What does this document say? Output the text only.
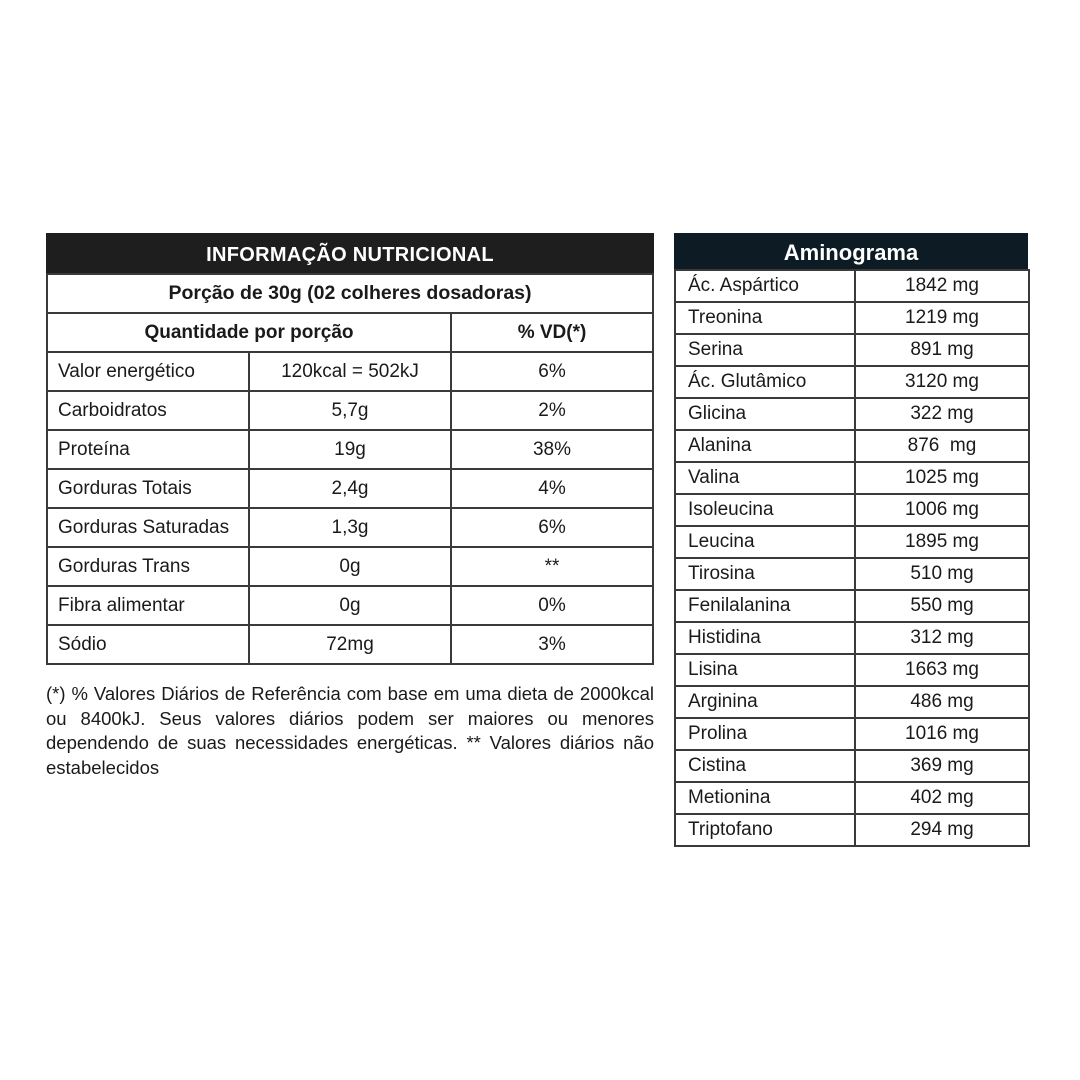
INFORMAÇÃO NUTRICIONAL
Porção de 30g (02 colheres dosadoras)		
Quantidade por porção		% VD(*)
Valor energético	120kcal = 502kJ	6%
Carboidratos	5,7g	2%
Proteína	19g	38%
Gorduras Totais	2,4g	4%
Gorduras Saturadas	1,3g	6%
Gorduras Trans	0g	**
Fibra alimentar	0g	0%
Sódio	72mg	3%
(*) % Valores Diários de Referência com base em uma dieta de 2000kcal ou 8400kJ. Seus valores diários podem ser maiores ou menores dependendo de suas necessidades energéticas. ** Valores diários não estabelecidos
Aminograma
Ác. Aspártico	1842 mg
Treonina	1219 mg
Serina	891 mg
Ác. Glutâmico	3120 mg
Glicina	322 mg
Alanina	876  mg
Valina	1025 mg
Isoleucina	1006 mg
Leucina	1895 mg
Tirosina	510 mg
Fenilalanina	550 mg
Histidina	312 mg
Lisina	1663 mg
Arginina	486 mg
Prolina	1016 mg
Cistina	369 mg
Metionina	402 mg
Triptofano	294 mg
